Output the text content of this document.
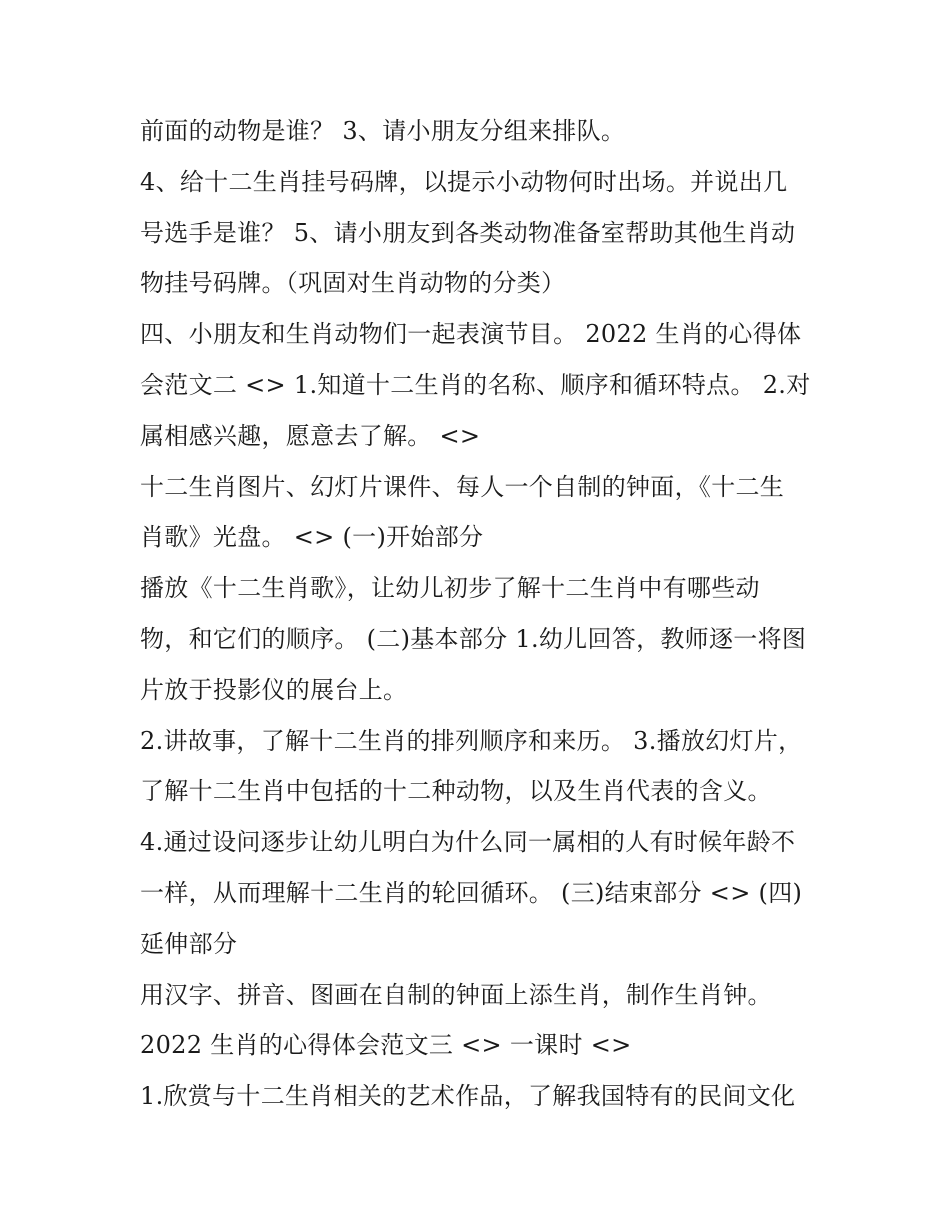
前面的动物是谁？ 3、请小朋友分组来排队。
4、给十二生肖挂号码牌，以提示小动物何时出场。并说出几
号选手是谁？ 5、请小朋友到各类动物准备室帮助其他生肖动
物挂号码牌。（巩固对生肖动物的分类）
四、小朋友和生肖动物们一起表演节目。 2022 生肖的心得体
会范文二 <> 1.知道十二生肖的名称、顺序和循环特点。 2.对
属相感兴趣，愿意去了解。 <>
十二生肖图片、幻灯片课件、每人一个自制的钟面，《十二生
肖歌》光盘。 <> (一)开始部分
播放《十二生肖歌》，让幼儿初步了解十二生肖中有哪些动
物，和它们的顺序。 (二)基本部分 1.幼儿回答，教师逐一将图
片放于投影仪的展台上。
2.讲故事，了解十二生肖的排列顺序和来历。 3.播放幻灯片，
了解十二生肖中包括的十二种动物，以及生肖代表的含义。
4.通过设问逐步让幼儿明白为什么同一属相的人有时候年龄不
一样，从而理解十二生肖的轮回循环。 (三)结束部分 <> (四)
延伸部分
用汉字、拼音、图画在自制的钟面上添生肖，制作生肖钟。
2022 生肖的心得体会范文三 <> 一课时 <>
1.欣赏与十二生肖相关的艺术作品，了解我国特有的民间文化
